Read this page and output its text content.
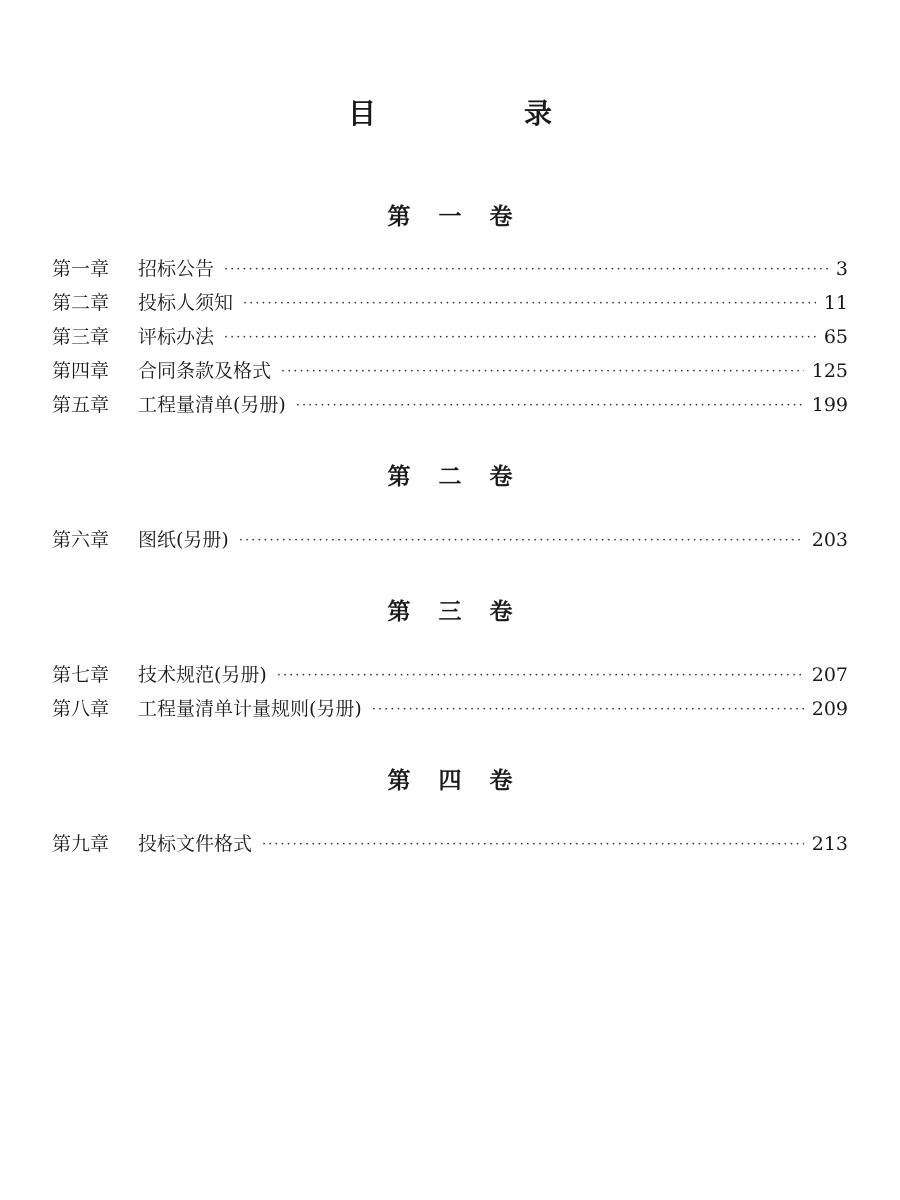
目　录
第一卷
第一章	招标公告 ·····	3
第二章	投标人须知 ·····	11
第三章	评标办法 ·····	65
第四章	合同条款及格式 ·····	125
第五章	工程量清单(另册) ·····	199
第二卷
第六章	图纸(另册) ·····	203
第三卷
第七章	技术规范(另册) ·····	207
第八章	工程量清单计量规则(另册) ·····	209
第四卷
第九章	投标文件格式 ·····	213
